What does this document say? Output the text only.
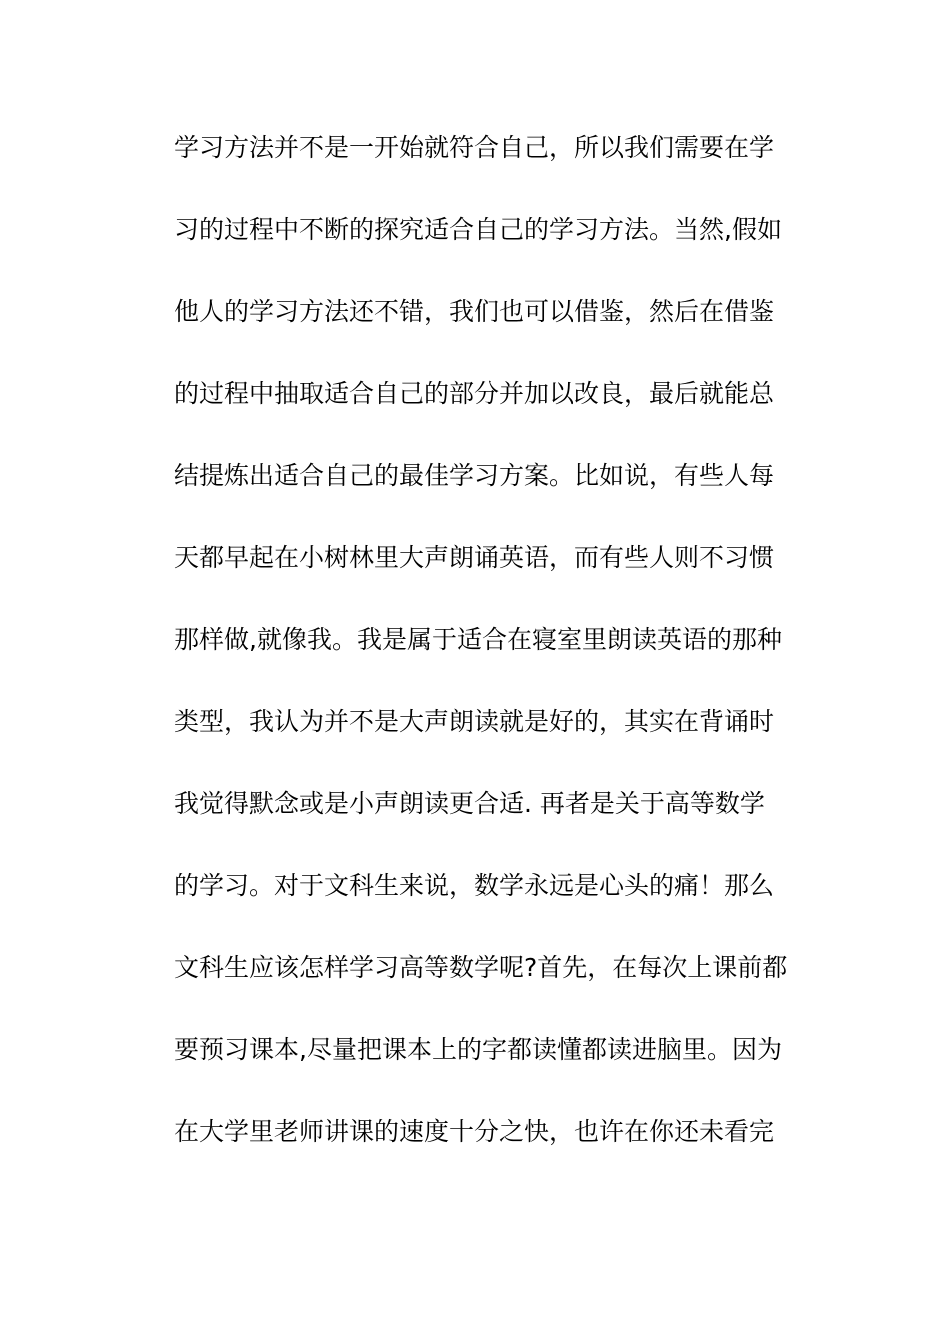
学习方法并不是一开始就符合自己，所以我们需要在学
习的过程中不断的探究适合自己的学习方法。当然,假如
他人的学习方法还不错，我们也可以借鉴，然后在借鉴
的过程中抽取适合自己的部分并加以改良，最后就能总
结提炼出适合自己的最佳学习方案。比如说，有些人每
天都早起在小树林里大声朗诵英语，而有些人则不习惯
那样做,就像我。我是属于适合在寝室里朗读英语的那种
类型，我认为并不是大声朗读就是好的，其实在背诵时
我觉得默念或是小声朗读更合适. 再者是关于高等数学
的学习。对于文科生来说，数学永远是心头的痛！那么
文科生应该怎样学习高等数学呢?首先，在每次上课前都
要预习课本,尽量把课本上的字都读懂都读进脑里。因为
在大学里老师讲课的速度十分之快，也许在你还未看完
